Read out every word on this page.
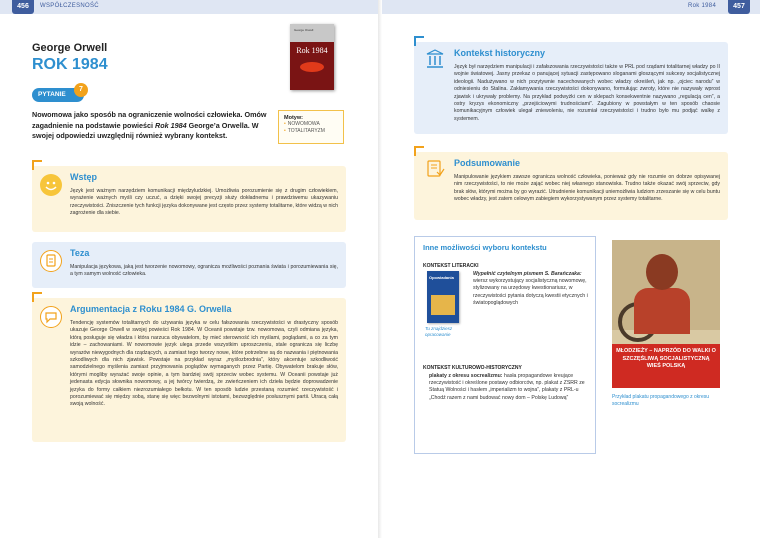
456	WSPÓŁCZESNOŚĆ	Rok 1984	457
George Orwell
ROK 1984
George Orwell
Rok 1984
PYTANIE
7
Nowomowa jako sposób na ograniczenie wolności człowieka. Omów zagadnienie na podstawie powieści Rok 1984 George’a Orwella. W swojej odpowiedzi uwzględnij również wybrany kontekst.
Motyw:
• NOWOMOWA
• TOTALITARYZM
Wstęp
Język jest ważnym narzędziem komunikacji międzyludzkiej. Umożliwia porozumienie się z drugim człowiekiem, wyrażenie ważnych myśli czy uczuć, a dzięki swojej precyzji służy dokładnemu i prawdziwemu ukazywaniu rzeczywistości. Zniszczenie tych funkcji języka dokonywane jest często przez systemy totalitarne, które widzą w nich zagrożenie dla siebie.
Teza
Manipulacja językowa, jaką jest tworzenie nowomowy, ogranicza możliwości poznania świata i porozumiewania się, a tym samym wolność człowieka.
Argumentacja z Roku 1984 G. Orwella
Tendencję systemów totalitarnych do używania języka w celu fałszowania rzeczywistości w drastyczny sposób ukazuje George Orwell w swojej powieści Rok 1984. W Oceanii powstaje tzw. nowomowa, czyli odmiana języka, którą posługuje się władza i która narzuca obywatelom, by mieć sterowność ich myślami, poglądami, a co za tym idzie – zachowaniami. W nowomowie język ulega przede wszystkim uproszczeniu, stale ogranicza się liczbę wyrazów niewygodnych dla rządzących, a zamiast tego tworzy nowe, które potrzebne są do nazwania i piętnowania szkodliwych dla nich zjawisk. Powstaje na przykład wyraz „myślozbrodnia”, który akcentuje szkodliwość samodzielnego myślenia zamiast przyjmowania poglądów wymaganych przez Partię. Obywatelom brakuje słów, którymi mogliby wyrażać swoje opinie, a tym bardziej swój sprzeciw wobec systemu. W Oceanii powstaje już jedenasta edycja słownika nowomowy, a jej twórcy twierdzą, że zwieńczeniem ich dzieła będzie doprowadzenie języka do formy całkiem niezrozumiałego bełkotu. W ten sposób ludzie przestaną rozumieć rzeczywistość i porozumiewać się między sobą, stanę się więc bezwolnymi istotami, bezwzględnie posłusznymi partii. Utracą całą swoją wolność.
Kontekst historyczny
Język był narzędziem manipulacji i zafałszowania rzeczywistości także w PRL pod rządami totalitarnej władzy po II wojnie światowej. Jasny przekaz o panującej sytuacji zastępowano sloganami głoszącymi sukcesy socjalistycznej ideologii. Nadużywano w nich pozytywnie nacechowanych wobec władzy określeń, jak np. „ojciec narodu” w odniesieniu do Stalina. Zakłamywania rzeczywistości dokonywano, formułując zwroty, które nie nazywały wprost zjawisk i ukrywały problemy. Na przykład podwyżki cen w sklepach konsekwentnie nazywano „regulacją cen”, a ostry kryzys ekonomiczny „przejściowymi trudnościami”. Zagubiony w powstałym w ten sposób chaosie komunikacyjnym człowiek ulegał zniewoleniu, nie rozumiał rzeczywistości i trudno było mu podjąć walkę z systemem.
Podsumowanie
Manipulowanie językiem zawsze ogranicza wolność człowieka, ponieważ gdy nie rozumie on dobrze opisywanej nim rzeczywistości, to nie może zająć wobec niej własnego stanowiska. Trudno także okazać swój sprzeciw, gdy brak słów, którymi można by go wyrazić. Utrudnienie komunikacji uniemożliwia ludziom zrzeszanie się w celu buntu wobec władzy, jest zatem celowym zabiegiem wykorzystywanym przez systemy totalitarne.
Inne możliwości wyboru kontekstu
KONTEKST LITERACKI
Opowiadania
Tu znajdziesz opracowanie
Wypełnić czytelnym pismem S. Barańczaka: wiersz wykorzystujący socjalistyczną nowomowę, stylizowany na urzędowy kwestionariusz, w rzeczywistości pytania dotyczą kwestii etycznych i światopoglądowych
KONTEKST KULTUROWO-HISTORYCZNY
plakaty z okresu socrealizmu: hasła propagandowe kreujące rzeczywistość i określone postawy odbiorców, np. plakat z ZSRR ze Statuą Wolności i hasłem „imperializm to wojna”, plakaty z PRL-u „Chodź razem z nami budować nowy dom – Polskę Ludową”
MŁODZIEŻY – NAPRZÓD DO WALKI O SZCZĘŚLIWĄ SOCJALISTYCZNĄ WIEŚ POLSKĄ
Przykład plakatu propagandowego z okresu socrealizmu
